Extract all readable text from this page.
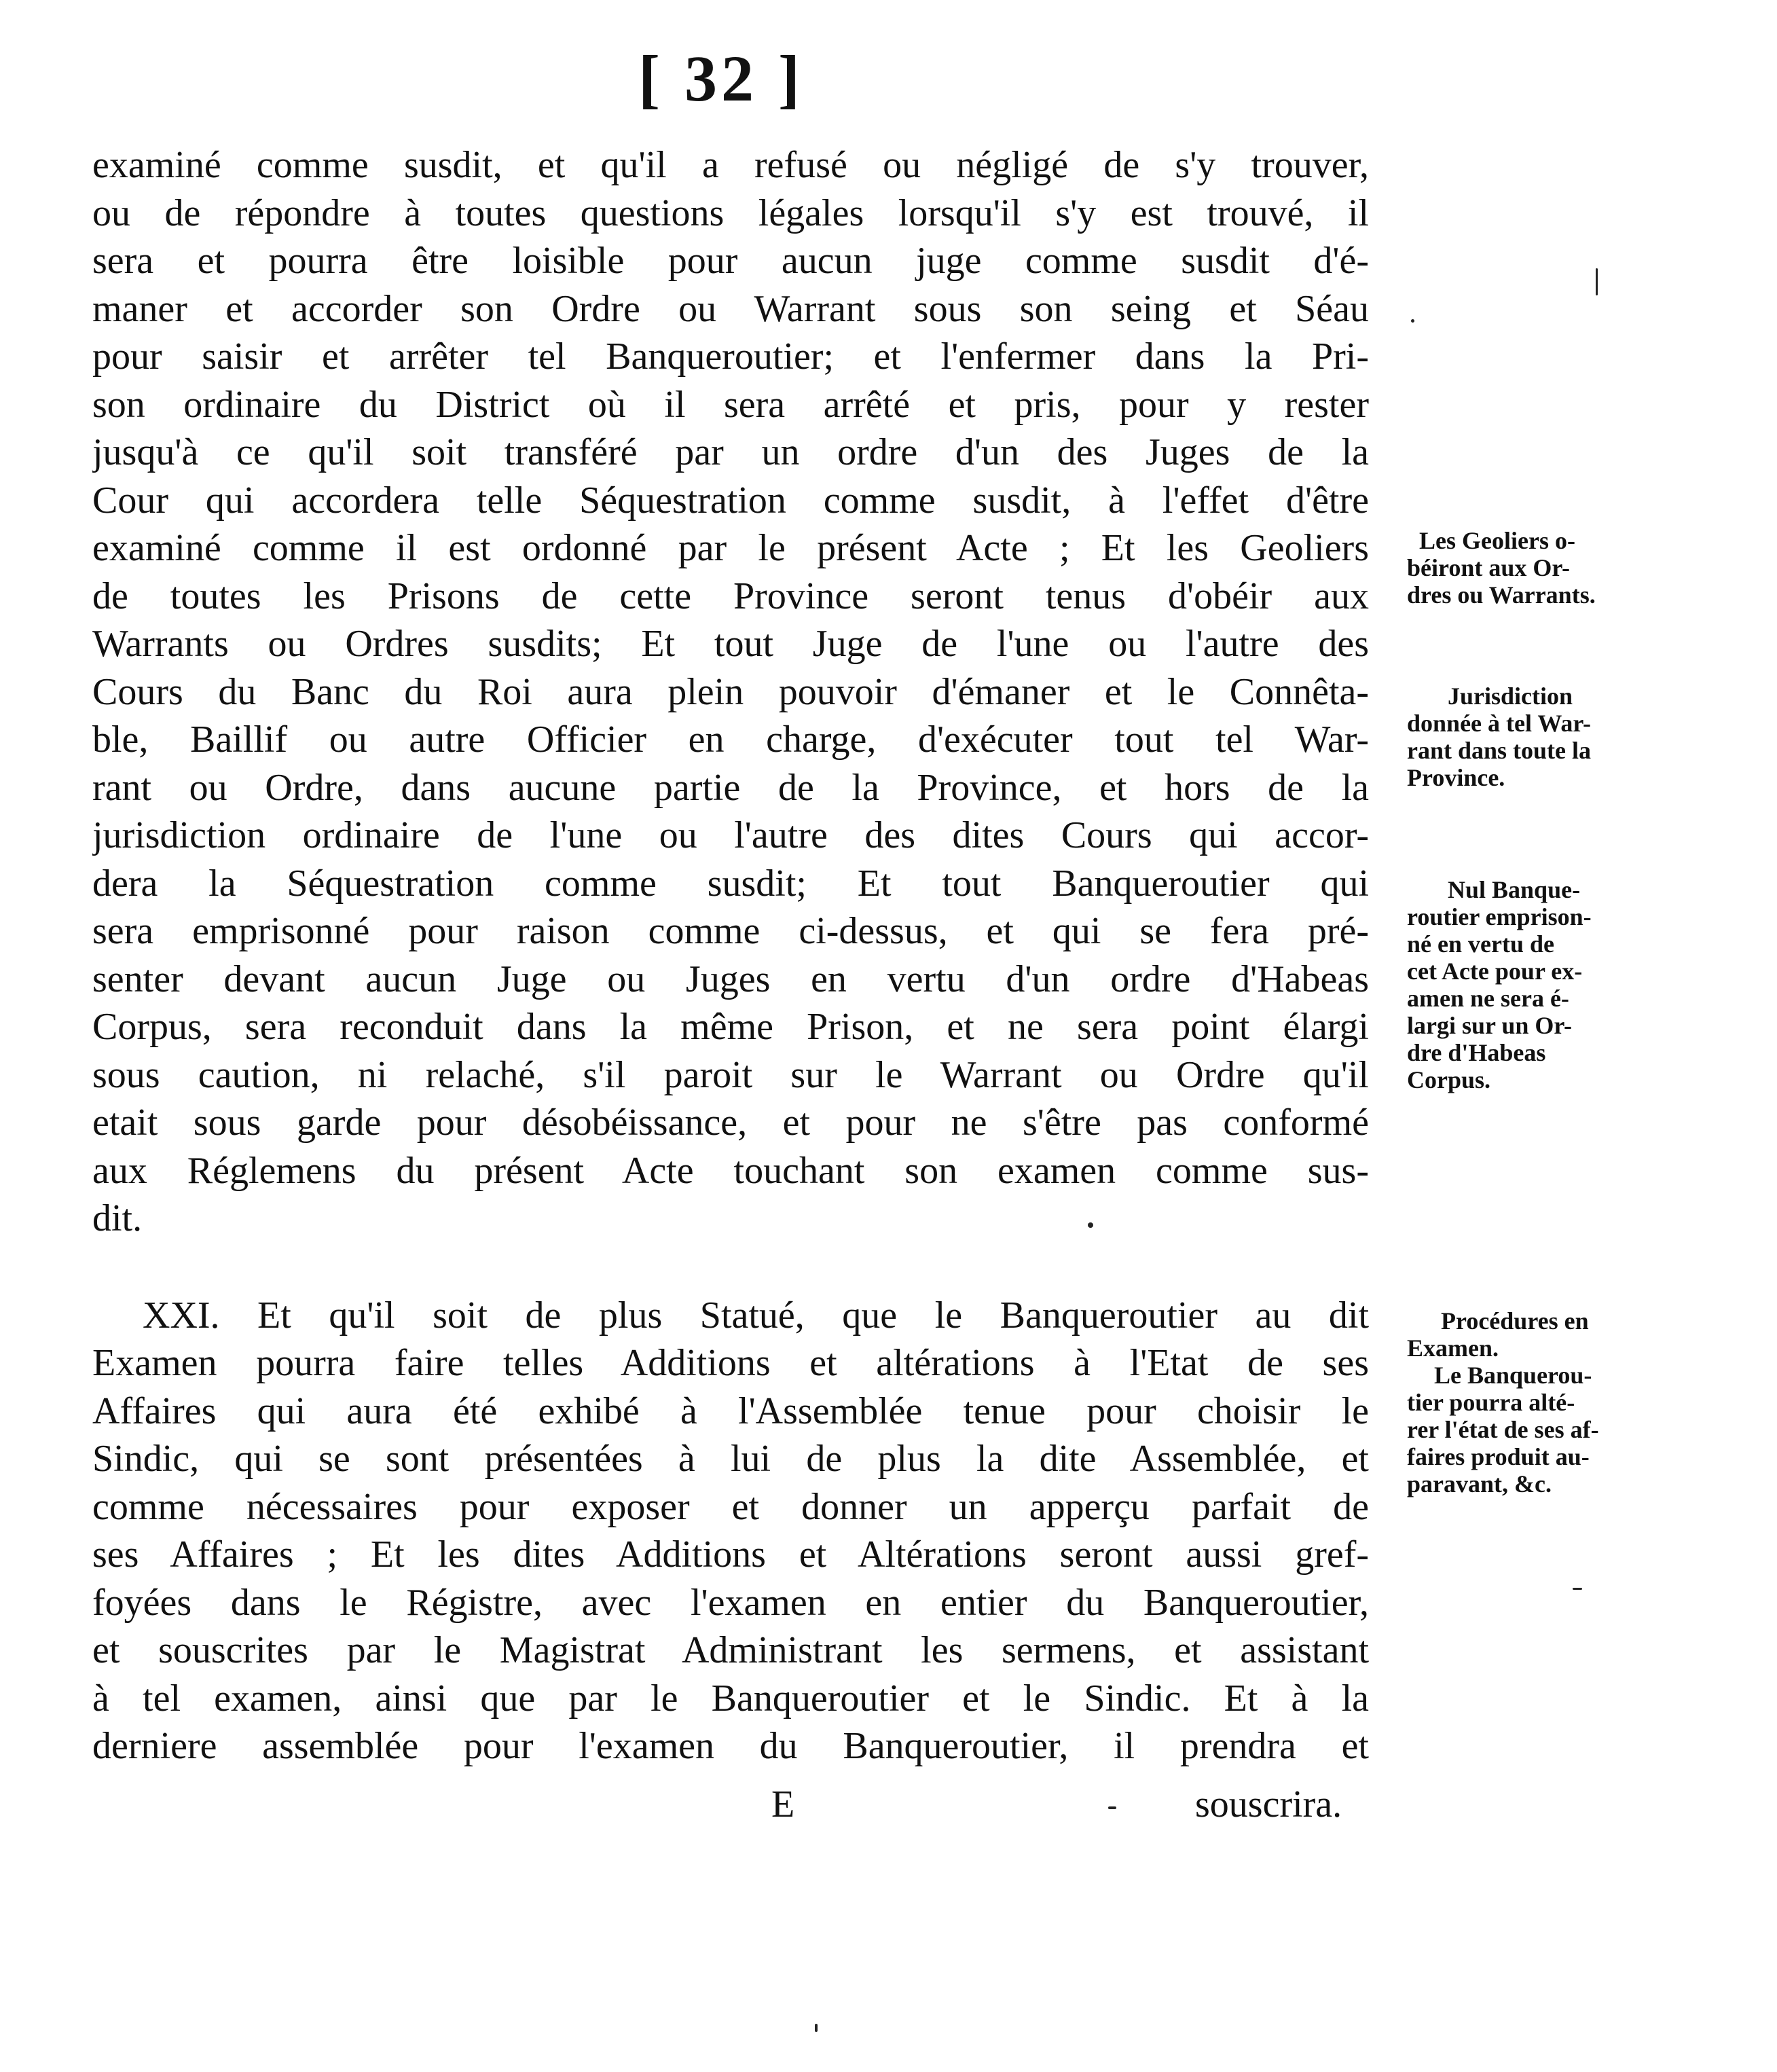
[ 32 ]
examiné comme susdit, et qu'il a refusé ou négligé de s'y trouver,
ou de répondre à toutes questions légales lorsqu'il s'y est trouvé, il
sera et pourra être loisible pour aucun juge comme susdit d'é-
maner et accorder son Ordre ou Warrant sous son seing et Séau
pour saisir et arrêter tel Banqueroutier; et l'enfermer dans la Pri-
son ordinaire du District où il sera arrêté et pris, pour y rester
jusqu'à ce qu'il soit transféré par un ordre d'un des Juges de la
Cour qui accordera telle Séquestration comme susdit, à l'effet d'être
examiné comme il est ordonné par le présent Acte ; Et les Geoliers
de toutes les Prisons de cette Province seront tenus d'obéir aux
Warrants ou Ordres susdits; Et tout Juge de l'une ou l'autre des
Cours du Banc du Roi aura plein pouvoir d'émaner et le Connêta-
ble, Baillif ou autre Officier en charge, d'exécuter tout tel War-
rant ou Ordre, dans aucune partie de la Province, et hors de la
jurisdiction ordinaire de l'une ou l'autre des dites Cours qui accor-
dera la Séquestration comme susdit; Et tout Banqueroutier qui
sera emprisonné pour raison comme ci-dessus, et qui se fera pré-
senter devant aucun Juge ou Juges en vertu d'un ordre d'Habeas
Corpus, sera reconduit dans la même Prison, et ne sera point élargi
sous caution, ni relaché, s'il paroit sur le Warrant ou Ordre qu'il
etait sous garde pour désobéissance, et pour ne s'être pas conformé
aux Réglemens du présent Acte touchant son examen comme sus-
dit.
XXI. Et qu'il soit de plus Statué, que le Banqueroutier au dit
Examen pourra faire telles Additions et altérations à l'Etat de ses
Affaires qui aura été exhibé à l'Assemblée tenue pour choisir le
Sindic, qui se sont présentées à lui de plus la dite Assemblée, et
comme nécessaires pour exposer et donner un apperçu parfait de
ses Affaires ; Et les dites Additions et Altérations seront aussi gref-
foyées dans le Régistre, avec l'examen en entier du Banqueroutier,
et souscrites par le Magistrat Administrant les sermens, et assistant
à tel examen, ainsi que par le Banqueroutier et le Sindic. Et à la
derniere assemblée pour l'examen du Banqueroutier, il prendra et
Les Geoliers o-
béiront aux Or-
dres ou Warrants.
Jurisdiction
donnée à tel War-
rant dans toute la
Province.
Nul Banque-
routier emprison-
né en vertu de
cet Acte pour ex-
amen ne sera é-
largi sur un Or-
dre d'Habeas
Corpus.
Procédures en
Examen.
Le Banquerou-
tier pourra alté-
rer l'état de ses af-
faires produit au-
paravant, &c.
E	souscrira.
